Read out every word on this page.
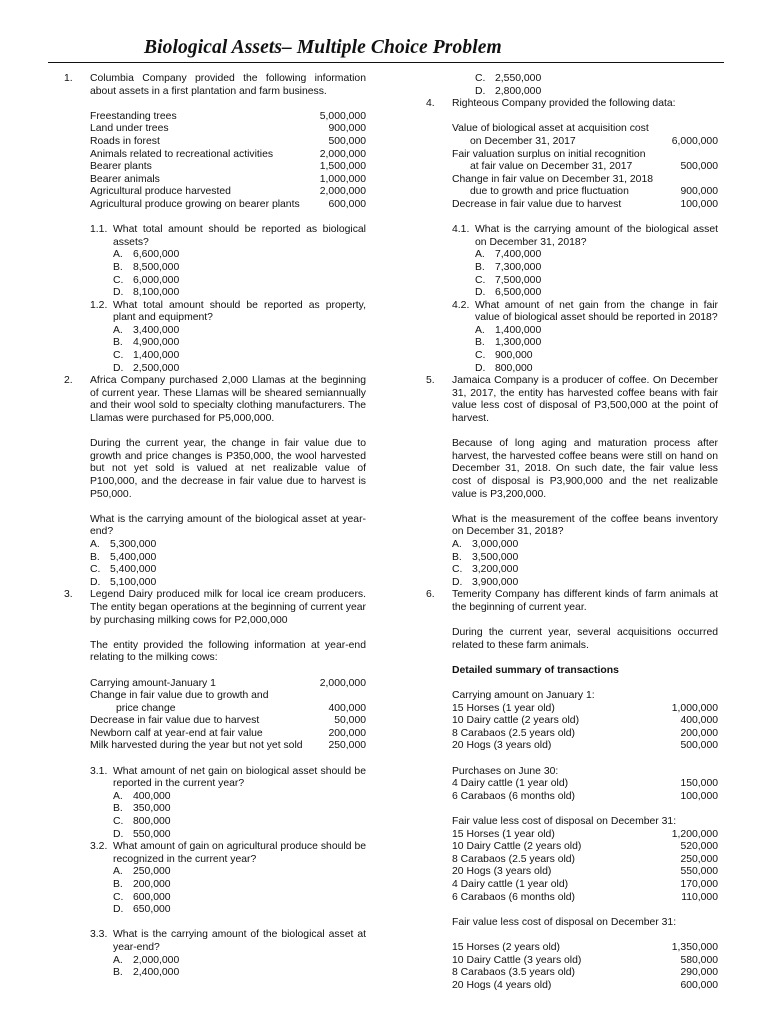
Biological Assets– Multiple Choice Problem
1.	Columbia Company provided the following information about assets in a first plantation and farm business.
Freestanding trees	5,000,000
Land under trees	900,000
Roads in forest	500,000
Animals related to recreational activities	2,000,000
Bearer plants	1,500,000
Bearer animals	1,000,000
Agricultural produce harvested	2,000,000
Agricultural produce growing on bearer plants	600,000
1.1. What total amount should be reported as biological assets?
A. 6,600,000
B. 8,500,000
C. 6,000,000
D. 8,100,000
1.2. What total amount should be reported as property, plant and equipment?
A. 3,400,000
B. 4,900,000
C. 1,400,000
D. 2,500,000
2.	Africa Company purchased 2,000 Llamas at the beginning of current year. These Llamas will be sheared semiannually and their wool sold to specialty clothing manufacturers. The Llamas were purchased for P5,000,000.
During the current year, the change in fair value due to growth and price changes is P350,000, the wool harvested but not yet sold is valued at net realizable value of P100,000, and the decrease in fair value due to harvest is P50,000.
What is the carrying amount of the biological asset at year-end?
A. 5,300,000
B. 5,400,000
C. 5,400,000
D. 5,100,000
3.	Legend Dairy produced milk for local ice cream producers. The entity began operations at the beginning of current year by purchasing milking cows for P2,000,000
The entity provided the following information at year-end relating to the milking cows:
Carrying amount-January 1	2,000,000
Change in fair value due to growth and
price change	400,000
Decrease in fair value due to harvest	50,000
Newborn calf at year-end at fair value	200,000
Milk harvested during the year but not yet sold 250,000
3.1. What amount of net gain on biological asset should be reported in the current year?
A. 400,000
B. 350,000
C. 800,000
D. 550,000
3.2. What amount of gain on agricultural produce should be recognized in the current year?
A. 250,000
B. 200,000
C. 600,000
D. 650,000
3.3. What is the carrying amount of the biological asset at year-end?
A. 2,000,000
B. 2,400,000
C. 2,550,000
D. 2,800,000
4.	Righteous Company provided the following data:
Value of biological asset at acquisition cost
on December 31, 2017	6,000,000
Fair valuation surplus on initial recognition
at fair value on December 31, 2017	500,000
Change in fair value on December 31, 2018
due to growth and price fluctuation	900,000
Decrease in fair value due to harvest	100,000
4.1. What is the carrying amount of the biological asset on December 31, 2018?
A. 7,400,000
B. 7,300,000
C. 7,500,000
D. 6,500,000
4.2. What amount of net gain from the change in fair value of biological asset should be reported in 2018?
A. 1,400,000
B. 1,300,000
C. 900,000
D. 800,000
5.	Jamaica Company is a producer of coffee. On December 31, 2017, the entity has harvested coffee beans with fair value less cost of disposal of P3,500,000 at the point of harvest.
Because of long aging and maturation process after harvest, the harvested coffee beans were still on hand on December 31, 2018. On such date, the fair value less cost of disposal is P3,900,000 and the net realizable value is P3,200,000.
What is the measurement of the coffee beans inventory on December 31, 2018?
A. 3,000,000
B. 3,500,000
C. 3,200,000
D. 3,900,000
6.	Temerity Company has different kinds of farm animals at the beginning of current year.
During the current year, several acquisitions occurred related to these farm animals.
Detailed summary of transactions
Carrying amount on January 1:
15 Horses (1 year old)	1,000,000
10 Dairy cattle (2 years old)	400,000
8 Carabaos (2.5 years old)	200,000
20 Hogs (3 years old)	500,000
Purchases on June 30:
4 Dairy cattle (1 year old)	150,000
6 Carabaos (6 months old)	100,000
Fair value less cost of disposal on December 31:
15 Horses (1 year old)	1,200,000
10 Dairy Cattle (2 years old)	520,000
8 Carabaos (2.5 years old)	250,000
20 Hogs (3 years old)	550,000
4 Dairy cattle (1 year old)	170,000
6 Carabaos (6 months old)	110,000
Fair value less cost of disposal on December 31:
15 Horses (2 years old)	1,350,000
10 Dairy Cattle (3 years old)	580,000
8 Carabaos (3.5 years old)	290,000
20 Hogs (4 years old)	600,000
